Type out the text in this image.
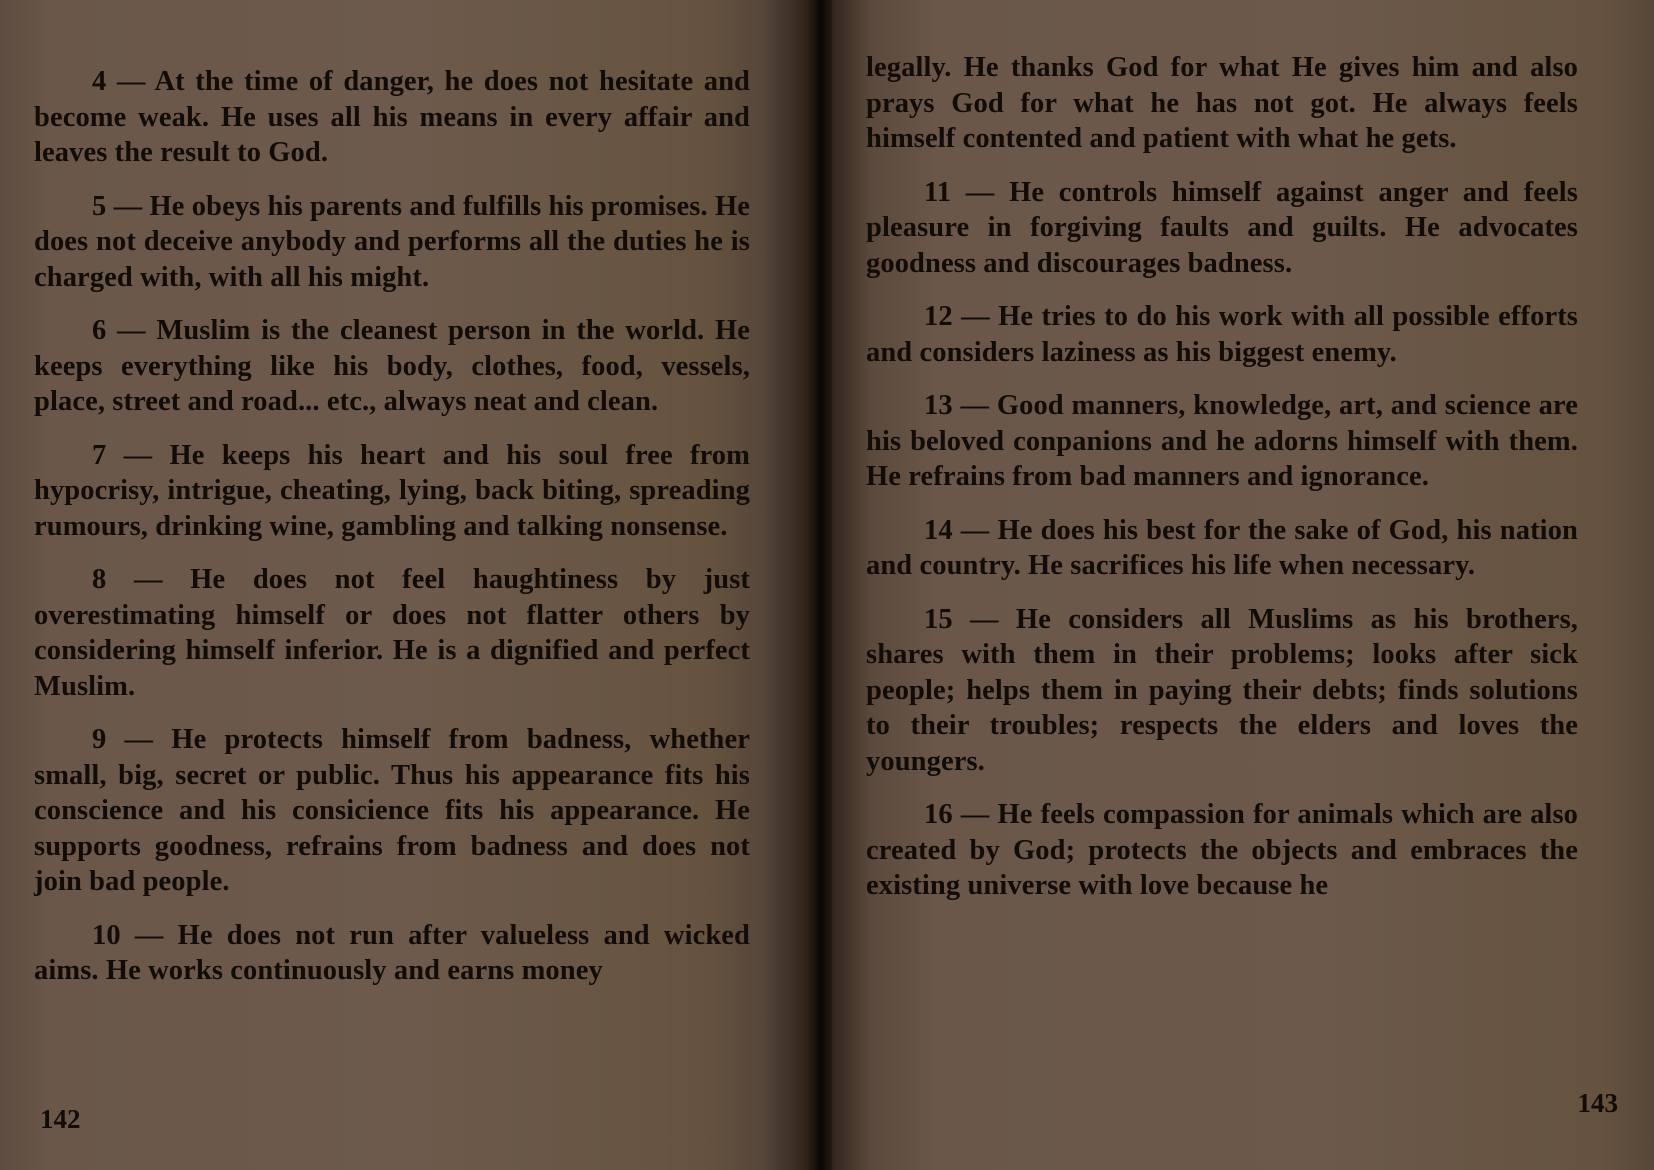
4 — At the time of danger, he does not hesitate and become weak. He uses all his means in every affair and leaves the result to God.

5 — He obeys his parents and fulfills his promises. He does not deceive anybody and performs all the duties he is charged with, with all his might.

6 — Muslim is the cleanest person in the world. He keeps everything like his body, clothes, food, vessels, place, street and road... etc., always neat and clean.

7 — He keeps his heart and his soul free from hypocrisy, intrigue, cheating, lying, back biting, spreading rumours, drinking wine, gambling and talking nonsense.

8 — He does not feel haughtiness by just overestimating himself or does not flatter others by considering himself inferior. He is a dignified and perfect Muslim.

9 — He protects himself from badness, whether small, big, secret or public. Thus his appearance fits his conscience and his consicience fits his appearance. He supports goodness, refrains from badness and does not join bad people.

10 — He does not run after valueless and wicked aims. He works continuously and earns money

142

legally. He thanks God for what He gives him and also prays God for what he has not got. He always feels himself contented and patient with what he gets.

11 — He controls himself against anger and feels pleasure in forgiving faults and guilts. He advocates goodness and discourages badness.

12 — He tries to do his work with all possible efforts and considers laziness as his biggest enemy.

13 — Good manners, knowledge, art, and science are his beloved conpanions and he adorns himself with them. He refrains from bad manners and ignorance.

14 — He does his best for the sake of God, his nation and country. He sacrifices his life when necessary.

15 — He considers all Muslims as his brothers, shares with them in their problems; looks after sick people; helps them in paying their debts; finds solutions to their troubles; respects the elders and loves the youngers.

16 — He feels compassion for animals which are also created by God; protects the objects and embraces the existing universe with love because he

143
